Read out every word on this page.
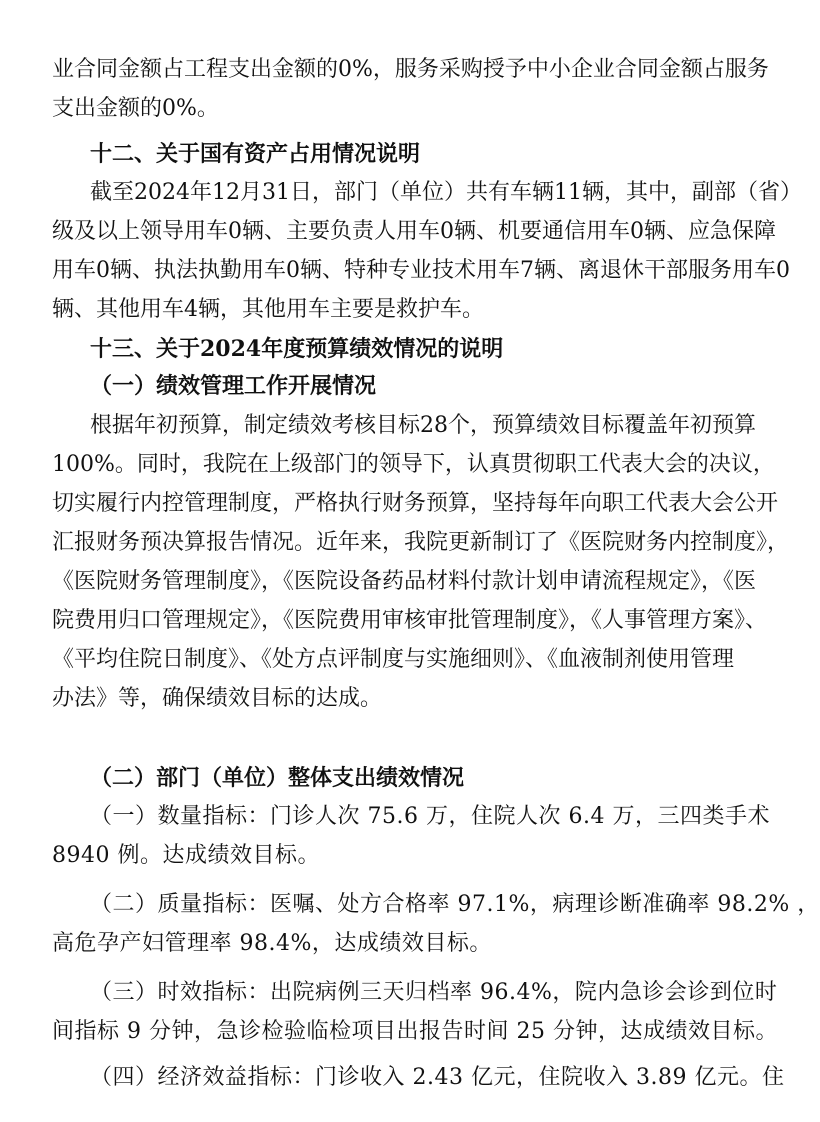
业合同金额占工程支出金额的0%，服务采购授予中小企业合同金额占服务
支出金额的0%。
十二、关于国有资产占用情况说明
截至2024年12月31日，部门（单位）共有车辆11辆，其中，副部（省）
级及以上领导用车0辆、主要负责人用车0辆、机要通信用车0辆、应急保障
用车0辆、执法执勤用车0辆、特种专业技术用车7辆、离退休干部服务用车0
辆、其他用车4辆，其他用车主要是救护车。
十三、关于2024年度预算绩效情况的说明
（一）绩效管理工作开展情况
根据年初预算，制定绩效考核目标28个，预算绩效目标覆盖年初预算
100%。同时，我院在上级部门的领导下，认真贯彻职工代表大会的决议，
切实履行内控管理制度，严格执行财务预算，坚持每年向职工代表大会公开
汇报财务预决算报告情况。近年来，我院更新制订了《医院财务内控制度》，
《医院财务管理制度》，《医院设备药品材料付款计划申请流程规定》，《医
院费用归口管理规定》，《医院费用审核审批管理制度》，《人事管理方案》、
《平均住院日制度》、《处方点评制度与实施细则》、《血液制剂使用管理
办法》等，确保绩效目标的达成。
（二）部门（单位）整体支出绩效情况
（一）数量指标：门诊人次 75.6 万，住院人次 6.4 万，三四类手术
8940 例。达成绩效目标。
（二）质量指标：医嘱、处方合格率 97.1%，病理诊断准确率 98.2% ，
高危孕产妇管理率 98.4%，达成绩效目标。
（三）时效指标：出院病例三天归档率 96.4%，院内急诊会诊到位时
间指标 9 分钟，急诊检验临检项目出报告时间 25 分钟，达成绩效目标。
（四）经济效益指标：门诊收入 2.43 亿元，住院收入 3.89 亿元。住
